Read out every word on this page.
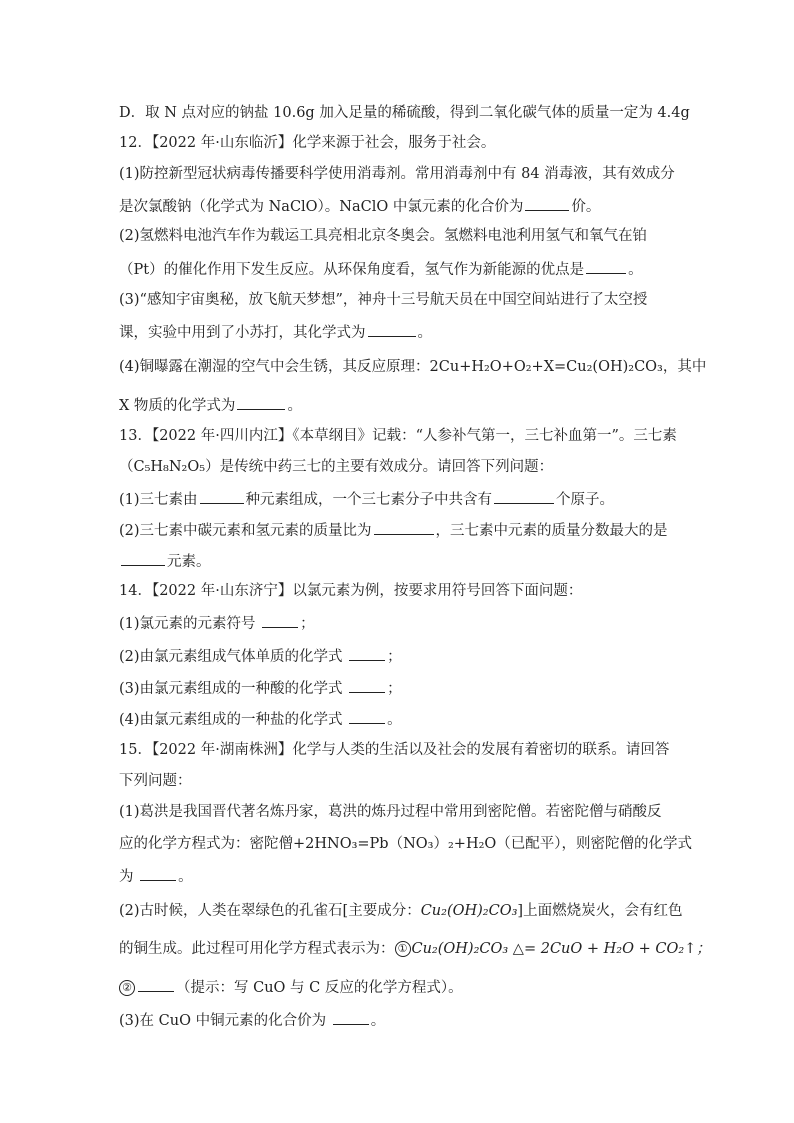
D．取 N 点对应的钠盐 10.6g 加入足量的稀硫酸，得到二氧化碳气体的质量一定为 4.4g
12．【2022 年·山东临沂】化学来源于社会，服务于社会。
(1)防控新型冠状病毒传播要科学使用消毒剂。常用消毒剂中有 84 消毒液，其有效成分
是次氯酸钠（化学式为 NaClO）。NaClO 中氯元素的化合价为	价。
(2)氢燃料电池汽车作为载运工具亮相北京冬奥会。氢燃料电池利用氢气和氧气在铂
（Pt）的催化作用下发生反应。从环保角度看，氢气作为新能源的优点是	。
(3)“感知宇宙奥秘，放飞航天梦想”，神舟十三号航天员在中国空间站进行了太空授
课，实验中用到了小苏打，其化学式为	。
(4)铜曝露在潮湿的空气中会生锈，其反应原理：2Cu+H₂O+O₂+X=Cu₂(OH)₂CO₃，其中
X 物质的化学式为	。
13．【2022 年·四川内江】《本草纲目》记载：“人参补气第一，三七补血第一”。三七素
（C₅H₈N₂O₅）是传统中药三七的主要有效成分。请回答下列问题：
(1)三七素由	种元素组成，一个三七素分子中共含有	个原子。
(2)三七素中碳元素和氢元素的质量比为	，三七素中元素的质量分数最大的是
元素。
14．【2022 年·山东济宁】以氯元素为例，按要求用符号回答下面问题：
(1)氯元素的元素符号	；
(2)由氯元素组成气体单质的化学式	；
(3)由氯元素组成的一种酸的化学式	；
(4)由氯元素组成的一种盐的化学式	。
15．【2022 年·湖南株洲】化学与人类的生活以及社会的发展有着密切的联系。请回答
下列问题：
(1)葛洪是我国晋代著名炼丹家，葛洪的炼丹过程中常用到密陀僧。若密陀僧与硝酸反
应的化学方程式为：密陀僧+2HNO₃=Pb（NO₃）₂+H₂O（已配平），则密陀僧的化学式
为	。
(2)古时候，人类在翠绿色的孔雀石[主要成分：Cu₂(OH)₂CO₃]上面燃烧炭火，会有红色
的铜生成。此过程可用化学方程式表示为： ① Cu₂(OH)₂CO₃ △= 2CuO + H₂O + CO₂↑；
②	（提示：写 CuO 与 C 反应的化学方程式）。
(3)在 CuO 中铜元素的化合价为	。
